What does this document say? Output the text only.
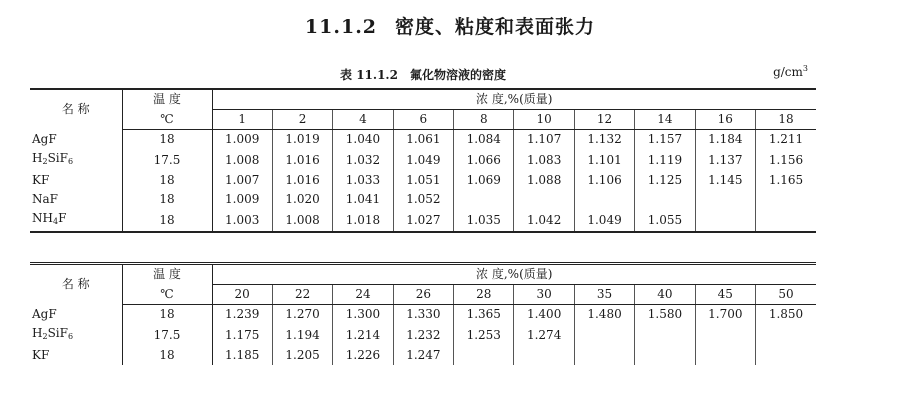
11.1.2 密度、粘度和表面张力
表 11.1.2 氟化物溶液的密度	$g/cm^3$
名 称	温 度	浓 度,%(质量)									
	℃	1	2	4	6	8	10	12	14	16	18
AgF	18	1.009	1.019	1.040	1.061	1.084	1.107	1.132	1.157	1.184	1.211
$H_2SiF_6$	17.5	1.008	1.016	1.032	1.049	1.066	1.083	1.101	1.119	1.137	1.156
KF	18	1.007	1.016	1.033	1.051	1.069	1.088	1.106	1.125	1.145	1.165
NaF	18	1.009	1.020	1.041	1.052						
$NH_4F$	18	1.003	1.008	1.018	1.027	1.035	1.042	1.049	1.055		
名 称	温 度	浓 度,%(质量)									
	℃	20	22	24	26	28	30	35	40	45	50
AgF	18	1.239	1.270	1.300	1.330	1.365	1.400	1.480	1.580	1.700	1.850
$H_2SiF_6$	17.5	1.175	1.194	1.214	1.232	1.253	1.274				
KF	18	1.185	1.205	1.226	1.247						
